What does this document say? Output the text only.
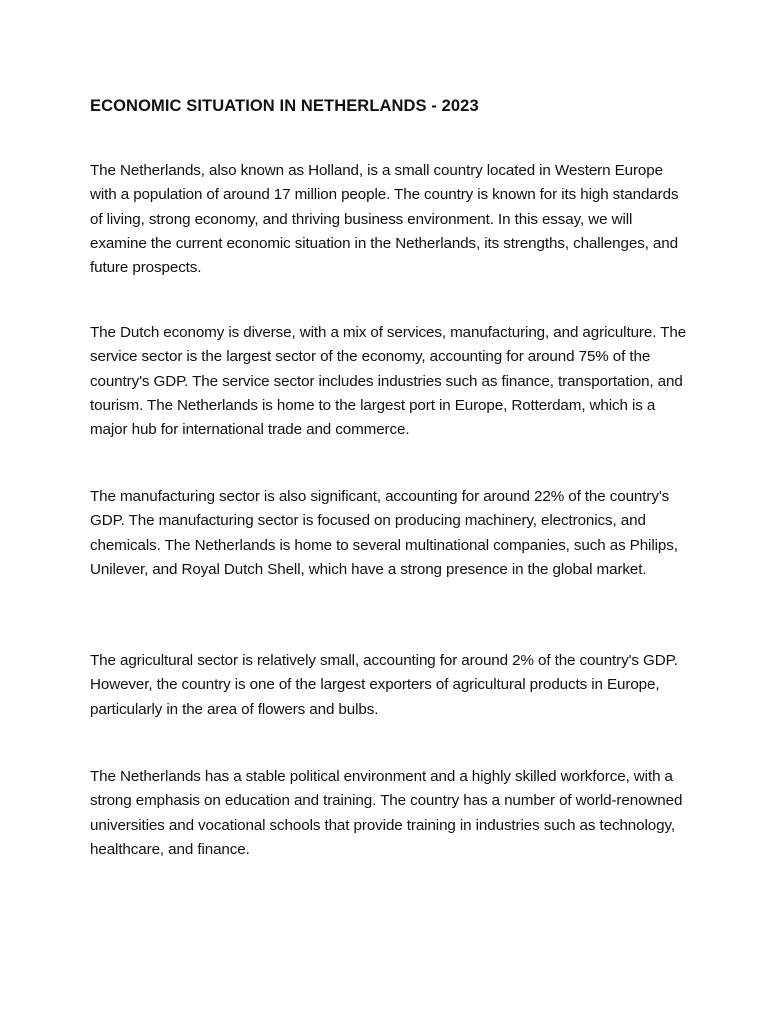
ECONOMIC SITUATION IN NETHERLANDS - 2023

The Netherlands, also known as Holland, is a small country located in Western Europe with a population of around 17 million people. The country is known for its high standards of living, strong economy, and thriving business environment. In this essay, we will examine the current economic situation in the Netherlands, its strengths, challenges, and future prospects.

The Dutch economy is diverse, with a mix of services, manufacturing, and agriculture. The service sector is the largest sector of the economy, accounting for around 75% of the country's GDP. The service sector includes industries such as finance, transportation, and tourism. The Netherlands is home to the largest port in Europe, Rotterdam, which is a major hub for international trade and commerce.

The manufacturing sector is also significant, accounting for around 22% of the country's GDP. The manufacturing sector is focused on producing machinery, electronics, and chemicals. The Netherlands is home to several multinational companies, such as Philips, Unilever, and Royal Dutch Shell, which have a strong presence in the global market.

The agricultural sector is relatively small, accounting for around 2% of the country's GDP. However, the country is one of the largest exporters of agricultural products in Europe, particularly in the area of flowers and bulbs.

The Netherlands has a stable political environment and a highly skilled workforce, with a strong emphasis on education and training. The country has a number of world-renowned universities and vocational schools that provide training in industries such as technology, healthcare, and finance.
